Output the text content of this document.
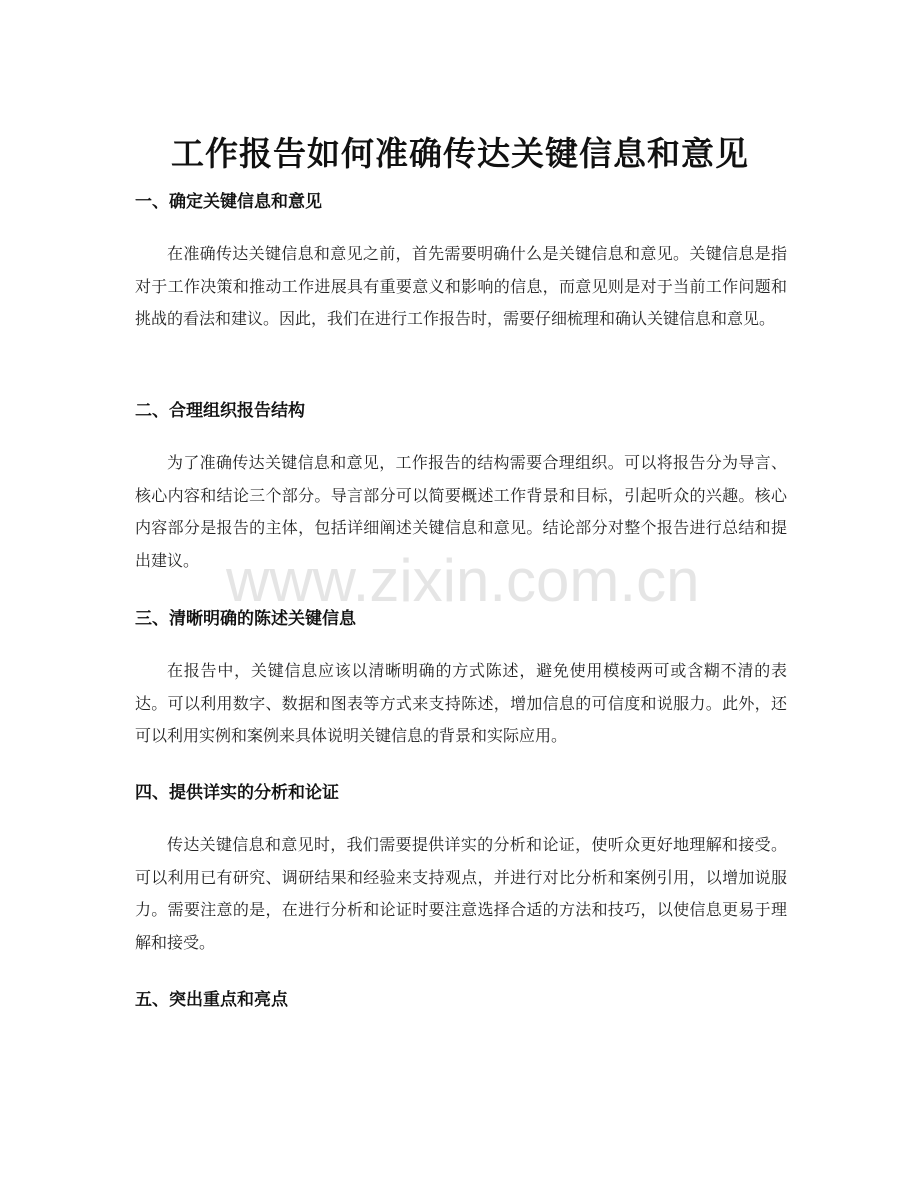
工作报告如何准确传达关键信息和意见
一、确定关键信息和意见

在准确传达关键信息和意见之前，首先需要明确什么是关键信息和意见。关键信息是指对于工作决策和推动工作进展具有重要意义和影响的信息，而意见则是对于当前工作问题和挑战的看法和建议。因此，我们在进行工作报告时，需要仔细梳理和确认关键信息和意见。

二、合理组织报告结构

为了准确传达关键信息和意见，工作报告的结构需要合理组织。可以将报告分为导言、核心内容和结论三个部分。导言部分可以简要概述工作背景和目标，引起听众的兴趣。核心内容部分是报告的主体，包括详细阐述关键信息和意见。结论部分对整个报告进行总结和提出建议。

三、清晰明确的陈述关键信息

在报告中，关键信息应该以清晰明确的方式陈述，避免使用模棱两可或含糊不清的表达。可以利用数字、数据和图表等方式来支持陈述，增加信息的可信度和说服力。此外，还可以利用实例和案例来具体说明关键信息的背景和实际应用。

四、提供详实的分析和论证

传达关键信息和意见时，我们需要提供详实的分析和论证，使听众更好地理解和接受。可以利用已有研究、调研结果和经验来支持观点，并进行对比分析和案例引用，以增加说服力。需要注意的是，在进行分析和论证时要注意选择合适的方法和技巧，以使信息更易于理解和接受。

五、突出重点和亮点
www.zixin.com.cn
